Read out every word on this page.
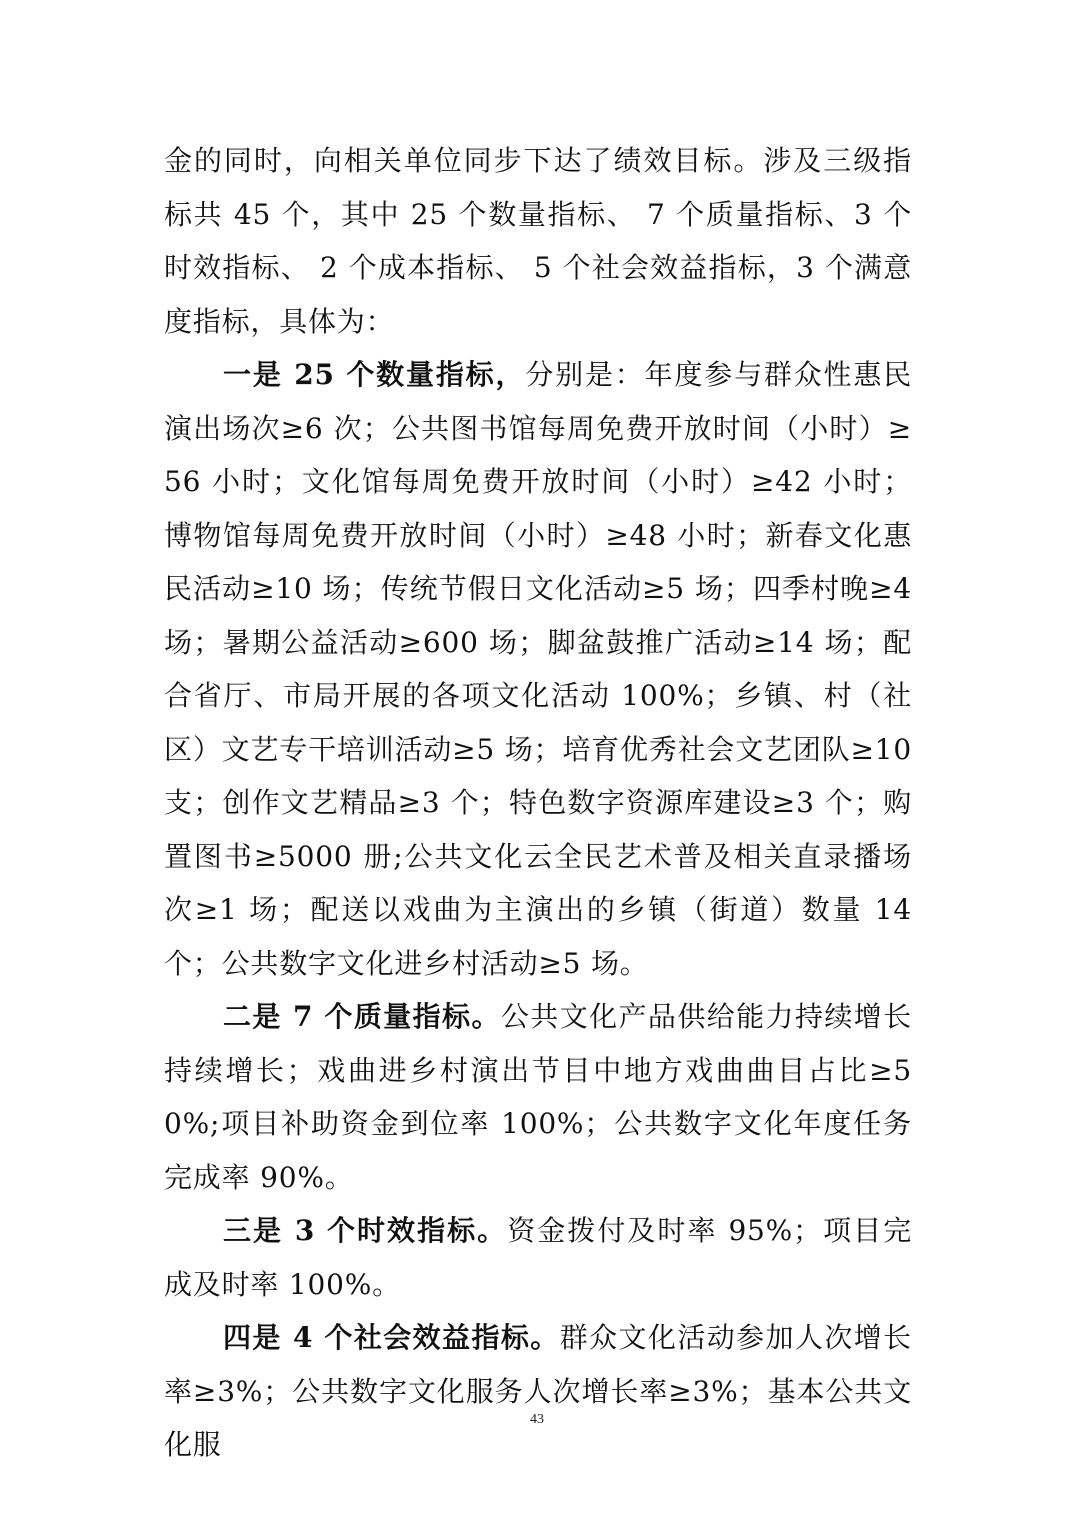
金的同时，向相关单位同步下达了绩效目标。涉及三级指标共 45 个，其中 25 个数量指标、 7 个质量指标、3 个时效指标、 2 个成本指标、 5 个社会效益指标，3 个满意度指标，具体为：

一是 25 个数量指标，分别是：年度参与群众性惠民演出场次≥6 次；公共图书馆每周免费开放时间（小时）≥56 小时；文化馆每周免费开放时间（小时）≥42 小时；博物馆每周免费开放时间（小时）≥48 小时；新春文化惠民活动≥10 场；传统节假日文化活动≥5 场；四季村晚≥4 场；暑期公益活动≥600 场；脚盆鼓推广活动≥14 场；配合省厅、市局开展的各项文化活动 100%；乡镇、村（社区）文艺专干培训活动≥5 场；培育优秀社会文艺团队≥10 支；创作文艺精品≥3 个；特色数字资源库建设≥3 个；购置图书≥5000 册;公共文化云全民艺术普及相关直录播场次≥1 场；配送以戏曲为主演出的乡镇（街道）数量 14 个；公共数字文化进乡村活动≥5 场。

二是 7 个质量指标。公共文化产品供给能力持续增长持续增长；戏曲进乡村演出节目中地方戏曲曲目占比≥50%;项目补助资金到位率 100%；公共数字文化年度任务完成率 90%。

三是 3 个时效指标。资金拨付及时率 95%；项目完成及时率 100%。

四是 4 个社会效益指标。群众文化活动参加人次增长率≥3%；公共数字文化服务人次增长率≥3%；基本公共文化服

43
